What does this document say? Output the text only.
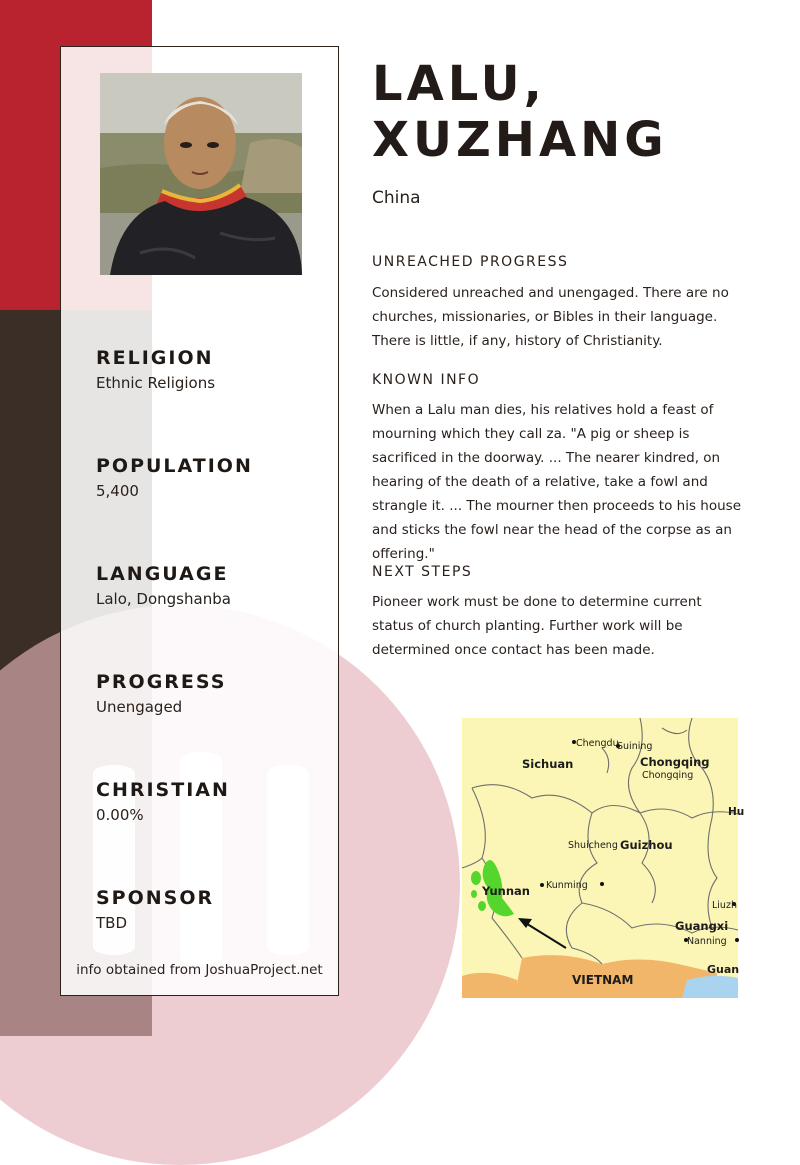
RELIGION
Ethnic Religions
POPULATION
5,400
LANGUAGE
Lalo, Dongshanba
PROGRESS
Unengaged
CHRISTIAN
0.00%
SPONSOR
TBD
info obtained from JoshuaProject.net
LALU,
XUZHANG
China
UNREACHED PROGRESS

Considered unreached and unengaged. There are no churches, missionaries, or Bibles in their language. There is little, if any, history of Christianity.

KNOWN INFO

When a Lalu man dies, his relatives hold a feast of mourning which they call za. "A pig or sheep is sacrificed in the doorway. ... The nearer kindred, on hearing of the death of a relative, take a fowl and strangle it. ... The mourner then proceeds to his house and sticks the fowl near the head of the corpse as an offering."

NEXT STEPS

Pioneer work must be done to determine current status of church planting. Further work will be determined once contact has been made.

Chengdu
Suining
Sichuan	Chongqing
Chongqing
Hu
Shuicheng Guizhou
Kunming
Yunnan
Liuzh
Guangxi
Nanning
Guan
VIETNAM
